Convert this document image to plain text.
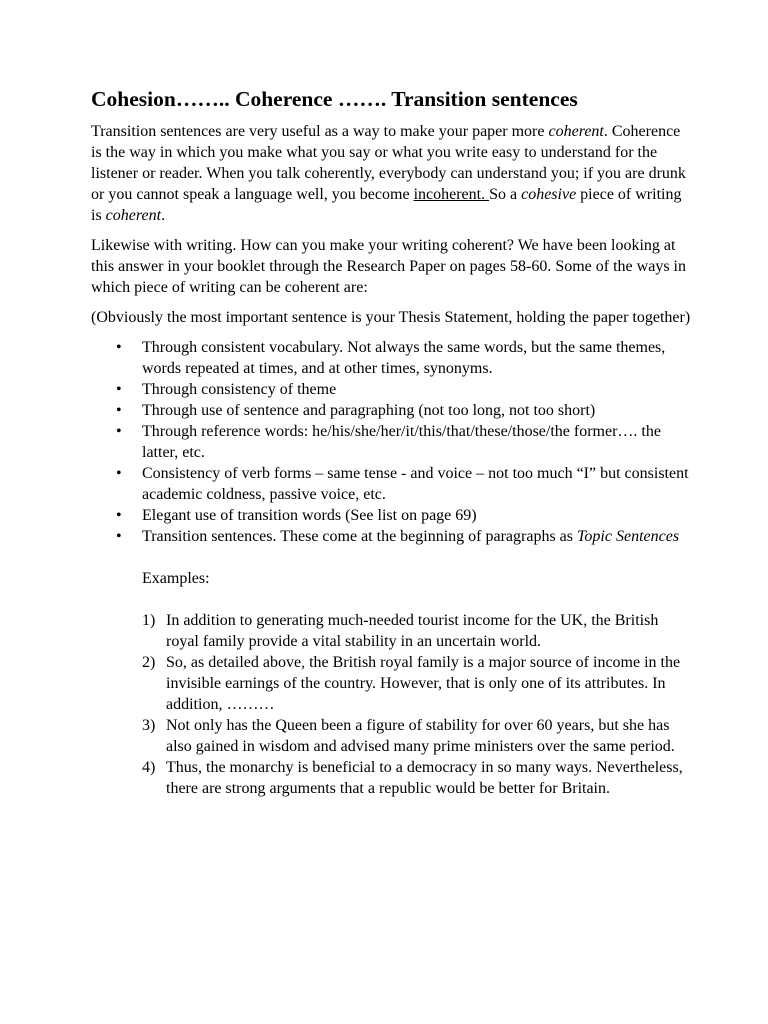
Cohesion…….. Coherence ……. Transition sentences

Transition sentences are very useful as a way to make your paper more coherent. Coherence is the way in which you make what you say or what you write easy to understand for the listener or reader. When you talk coherently, everybody can understand you; if you are drunk or you cannot speak a language well, you become incoherent. So a cohesive piece of writing is coherent.

Likewise with writing. How can you make your writing coherent? We have been looking at this answer in your booklet through the Research Paper on pages 58-60. Some of the ways in which piece of writing can be coherent are:

(Obviously the most important sentence is your Thesis Statement, holding the paper together)

• Through consistent vocabulary. Not always the same words, but the same themes, words repeated at times, and at other times, synonyms.
• Through consistency of theme
• Through use of sentence and paragraphing (not too long, not too short)
• Through reference words: he/his/she/her/it/this/that/these/those/the former…. the latter, etc.
• Consistency of verb forms – same tense - and voice – not too much “I” but consistent academic coldness, passive voice, etc.
• Elegant use of transition words (See list on page 69)
• Transition sentences. These come at the beginning of paragraphs as Topic Sentences
Examples:
1) In addition to generating much-needed tourist income for the UK, the British royal family provide a vital stability in an uncertain world.
2) So, as detailed above, the British royal family is a major source of income in the invisible earnings of the country. However, that is only one of its attributes. In addition, ………
3) Not only has the Queen been a figure of stability for over 60 years, but she has also gained in wisdom and advised many prime ministers over the same period.
4) Thus, the monarchy is beneficial to a democracy in so many ways. Nevertheless, there are strong arguments that a republic would be better for Britain.
